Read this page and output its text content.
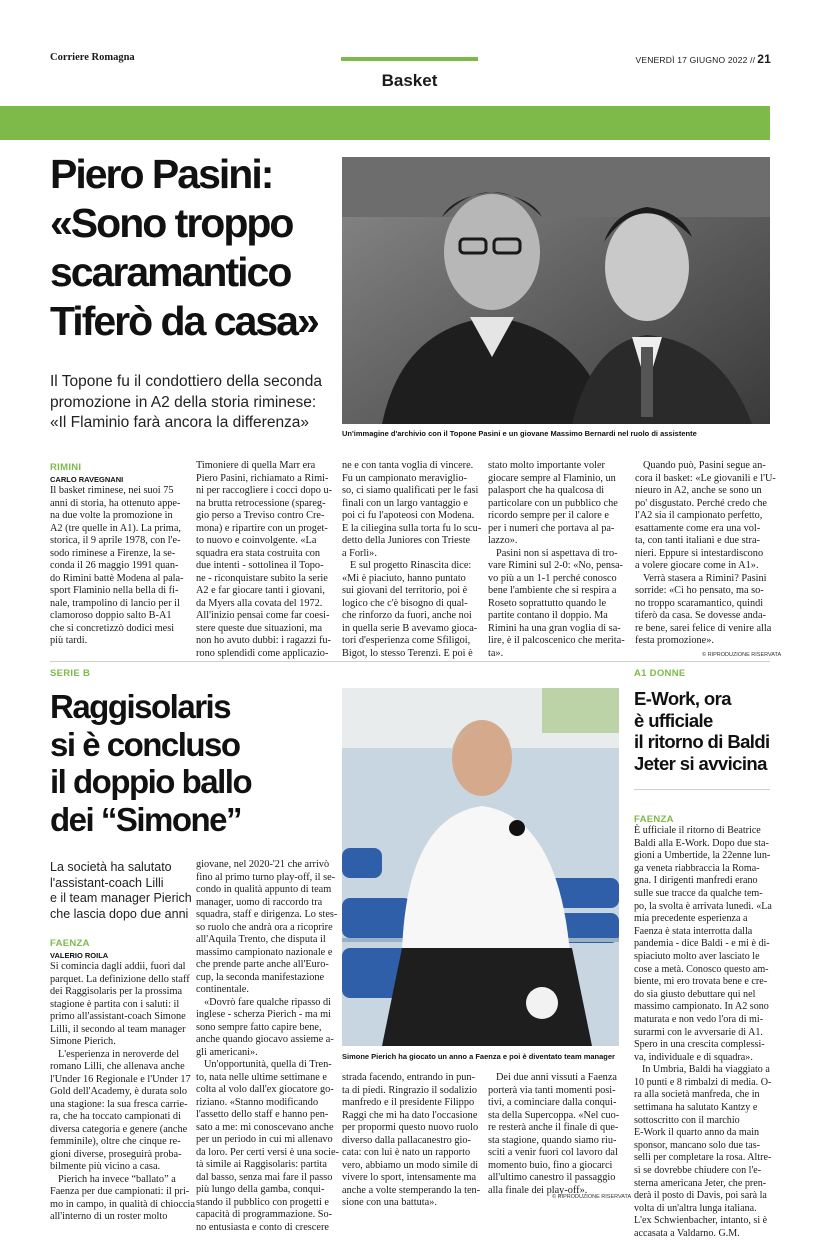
Corriere Romagna	VENERDÌ 17 GIUGNO 2022 // 21
Basket
Piero Pasini:
«Sono troppo
scaramantico
Tiferò da casa»
Il Topone fu il condottiero della seconda
promozione in A2 della storia riminese:
«Il Flaminio farà ancora la differenza»
Un'immagine d'archivio con il Topone Pasini e un giovane Massimo Bernardi nel ruolo di assistente
RIMINI
CARLO RAVEGNANI
Il basket riminese, nei suoi 75
anni di storia, ha ottenuto appe-
na due volte la promozione in
A2 (tre quelle in A1). La prima,
storica, il 9 aprile 1978, con l'e-
sodo riminese a Firenze, la se-
conda il 26 maggio 1991 quan-
do Rimini battè Modena al pala-
sport Flaminio nella bella di fi-
nale, trampolino di lancio per il
clamoroso doppio salto B-A1
che si concretizzò dodici mesi
più tardi.
Timoniere di quella Marr era
Piero Pasini, richiamato a Rimi-
ni per raccogliere i cocci dopo u-
na brutta retrocessione (spareg-
gio perso a Treviso contro Cre-
mona) e ripartire con un proget-
to nuovo e coinvolgente. «La
squadra era stata costruita con
due intenti - sottolinea il Topo-
ne - riconquistare subito la serie
A2 e far giocare tanti i giovani,
da Myers alla covata del 1972.
All'inizio pensai come far coesi-
stere queste due situazioni, ma
non ho avuto dubbi: i ragazzi fu-
rono splendidi come applicazio-
ne e con tanta voglia di vincere.
Fu un campionato meraviglio-
so, ci siamo qualificati per le fasi
finali con un largo vantaggio e
poi ci fu l'apoteosi con Modena.
E la ciliegina sulla torta fu lo scu-
detto della Juniores con Trieste
a Forlì».
E sul progetto Rinascita dice:
«Mi è piaciuto, hanno puntato
sui giovani del territorio, poi è
logico che c'è bisogno di qual-
che rinforzo da fuori, anche noi
in quella serie B avevamo gioca-
tori d'esperienza come Sfiligoi,
Bigot, lo stesso Terenzi. E poi è
stato molto importante voler
giocare sempre al Flaminio, un
palasport che ha qualcosa di
particolare con un pubblico che
ricordo sempre per il calore e
per i numeri che portava al pa-
lazzo».
Pasini non si aspettava di tro-
vare Rimini sul 2-0: «No, pensa-
vo più a un 1-1 perché conosco
bene l'ambiente che si respira a
Roseto soprattutto quando le
partite contano il doppio. Ma
Rimini ha una gran voglia di sa-
lire, è il palcoscenico che merita-
ta».
Quando può, Pasini segue an-
cora il basket: «Le giovanili e l'U-
nieuro in A2, anche se sono un
po' disgustato. Perché credo che
l'A2 sia il campionato perfetto,
esattamente come era una vol-
ta, con tanti italiani e due stra-
nieri. Eppure si intestardiscono
a volere giocare come in A1».
Verrà stasera a Rimini? Pasini
sorride: «Ci ho pensato, ma so-
no troppo scaramantico, quindi
tiferò da casa. Se dovesse anda-
re bene, sarei felice di venire alla
festa promozione».
© RIPRODUZIONE RISERVATA
SERIE B
Raggisolaris
si è concluso
il doppio ballo
dei “Simone”
La società ha salutato
l'assistant-coach Lilli
e il team manager Pierich
che lascia dopo due anni
Simone Pierich ha giocato un anno a Faenza e poi è diventato team manager
FAENZA
VALERIO ROILA
Si comincia dagli addii, fuori dal
parquet. La definizione dello staff
dei Raggisolaris per la prossima
stagione è partita con i saluti: il
primo all'assistant-coach Simone
Lilli, il secondo al team manager
Simone Pierich.
L'esperienza in neroverde del
romano Lilli, che allenava anche
l'Under 16 Regionale e l'Under 17
Gold dell'Academy, è durata solo
una stagione: la sua fresca carrie-
ra, che ha toccato campionati di
diversa categoria e genere (anche
femminile), oltre che cinque re-
gioni diverse, proseguirà proba-
bilmente più vicino a casa.
Pierich ha invece “ballato” a
Faenza per due campionati: il pri-
mo in campo, in qualità di chioccia
all'interno di un roster molto
giovane, nel 2020-'21 che arrivò
fino al primo turno play-off, il se-
condo in qualità appunto di team
manager, uomo di raccordo tra
squadra, staff e dirigenza. Lo stes-
so ruolo che andrà ora a ricoprire
all'Aquila Trento, che disputa il
massimo campionato nazionale e
che prende parte anche all'Euro-
cup, la seconda manifestazione
continentale.
«Dovrò fare qualche ripasso di
inglese - scherza Pierich - ma mi
sono sempre fatto capire bene,
anche quando giocavo assieme a-
gli americani».
Un'opportunità, quella di Tren-
to, nata nelle ultime settimane e
colta al volo dall'ex giocatore go-
riziano. «Stanno modificando
l'assetto dello staff e hanno pen-
sato a me: mi conoscevano anche
per un periodo in cui mi allenavo
da loro. Per certi versi è una socie-
tà simile ai Raggisolaris: partita
dal basso, senza mai fare il passo
più lungo della gamba, conqui-
stando il pubblico con progetti e
capacità di programmazione. So-
no entusiasta e conto di crescere
strada facendo, entrando in pun-
ta di piedi. Ringrazio il sodalizio
manfredo e il presidente Filippo
Raggi che mi ha dato l'occasione
per propormi questo nuovo ruolo
diverso dalla pallacanestro gio-
cata: con lui è nato un rapporto
vero, abbiamo un modo simile di
vivere lo sport, intensamente ma
anche a volte stemperando la ten-
sione con una battuta».
Dei due anni vissuti a Faenza
porterà via tanti momenti posi-
tivi, a cominciare dalla conqui-
sta della Supercoppa. «Nel cuo-
re resterà anche il finale di que-
sta stagione, quando siamo riu-
sciti a venir fuori col lavoro dal
momento buio, fino a giocarci
all'ultimo canestro il passaggio
alla finale dei play-off».
© RIPRODUZIONE RISERVATA
A1 DONNE
E-Work, ora
è ufficiale
il ritorno di Baldi
Jeter si avvicina
FAENZA
È ufficiale il ritorno di Beatrice
Baldi alla E-Work. Dopo due sta-
gioni a Umbertide, la 22enne lun-
ga veneta riabbraccia la Roma-
gna. I dirigenti manfredi erano
sulle sue tracce da qualche tem-
po, la svolta è arrivata lunedì. «La
mia precedente esperienza a
Faenza è stata interrotta dalla
pandemia - dice Baldi - e mi è di-
spiaciuto molto aver lasciato le
cose a metà. Conosco questo am-
biente, mi ero trovata bene e cre-
do sia giusto debuttare qui nel
massimo campionato. In A2 sono
maturata e non vedo l'ora di mi-
surarmi con le avversarie di A1.
Spero in una crescita complessi-
va, individuale e di squadra».
In Umbria, Baldi ha viaggiato a
10 punti e 8 rimbalzi di media. O-
ra alla società manfreda, che in
settimana ha salutato Kantzy e
sottoscritto con il marchio
E-Work il quarto anno da main
sponsor, mancano solo due tas-
selli per completare la rosa. Altre-
sì se dovrebbe chiudere con l'e-
sterna americana Jeter, che pren-
derà il posto di Davis, poi sarà la
volta di un'altra lunga italiana.
L'ex Schwienbacher, intanto, si è
accasata a Valdarno. G.M.
